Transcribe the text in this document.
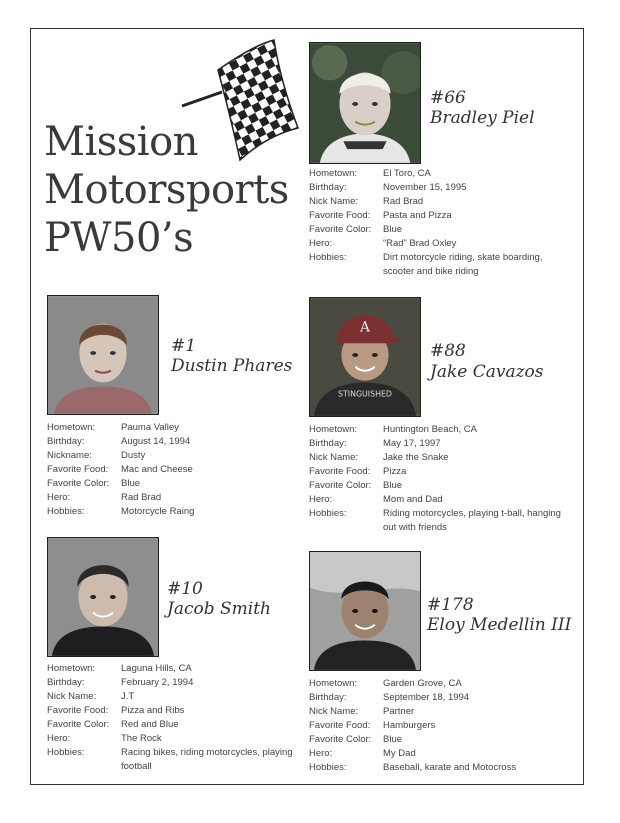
Mission
Motorsports
PW50’s
#66
Bradley Piel
Hometown:	El Toro, CA
Birthday:	November 15, 1995
Nick Name:	Rad Brad
Favorite Food:	Pasta and Pizza
Favorite Color:	Blue
Hero:	“Rad” Brad Oxley
Hobbies:	Dirt motorcycle riding, skate boarding, scooter and bike riding
#1
Dustin Phares
Hometown:	Pauma Valley
Birthday:	August 14, 1994
Nickname:	Dusty
Favorite Food:	Mac and Cheese
Favorite Color:	Blue
Hero:	Rad Brad
Hobbies:	Motorcycle Raing
STINGUISHED
A
#88
Jake Cavazos
Hometown:	Huntington Beach, CA
Birthday:	May 17, 1997
Nick Name:	Jake the Snake
Favorite Food:	Pizza
Favorite Color:	Blue
Hero:	Mom and Dad
Hobbies:	Riding motorcycles, playing t-ball, hanging out with friends
#10
Jacob Smith
Hometown:	Laguna Hills, CA
Birthday:	February 2, 1994
Nick Name:	J.T
Favorite Food:	Pizza and Ribs
Favorite Color:	Red and Blue
Hero:	The Rock
Hobbies:	Racing bikes, riding motorcycles, playing football
#178
Eloy Medellin III
Hometown:	Garden Grove, CA
Birthday:	September 18, 1994
Nick Name:	Partner
Favorite Food:	Hamburgers
Favorite Color:	Blue
Hero:	My Dad
Hobbies:	Baseball, karate and Motocross
